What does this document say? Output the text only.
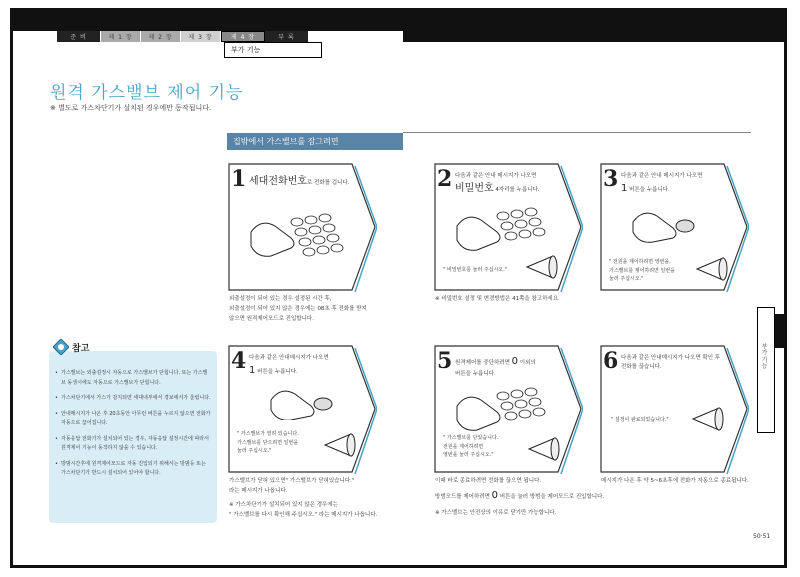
준 비	제 1 장	제 2 장	제 3 장	제 4 장	부 록
부가 기능
원격 가스밸브 제어 기능
※ 별도로 가스차단기가 설치된 경우에만 동작됩니다.
집밖에서 가스밸브를 잠그려면
1 세대전화번호로 전화를 겁니다.
외출설정이 되어 있는 경우 설정된 시간 후,
외출설정이 되어 있지 않은 경우에는 08초 후 전화를 받지
않으면 원격제어모드로 진입합니다.
2 다음과 같은 안내 메시지가 나오면
비밀번호 4자리를 누릅니다.
" 비밀번호를 눌러 주십시오."
※ 비밀번호 설정 및 변경방법은 41쪽을 참고하세요.
3 다음과 같은 안내 메시지가 나오면
1 버튼을 누릅니다.
" 전원을 제어하려면 영번을,
가스밸브를 제어하려면 일번을
눌러 주십시오."
참고
• 가스밸브는 외출설정시 자동으로 가스밸브가 닫힙니다. 또는 가스밸브 동생시에도 자동으로 가스밸브가 닫힙니다.
• 가스차단기에서 가스가 감지되면 세대내부에서 경보에서가 울립니다.
• 안내메시지가 나온 후 20초동안 아무런 버튼을 누르지 않으면 전화가 자동으로 끊어집니다.
• 자동응답 전화기가 설치되어 있는 경우, 자동응답 설정시간에 따라서 원격제어 기능이 동작하지 않을 수 있습니다.
• 방범시간후에 원격제어모드로 자동 진입되기 위해서는 방범등 또는 가스차단기가 반드시 설치되어 있어야 합니다.
4 다음과 같은 안내메시지가 나오면
1 버튼을 누릅니다.
" 가스밸브가 열려 있습니다.
가스밸브를 닫으려면 일번을
눌러 주십시오."
가스밸브가 닫혀 있으면" 가스밸브가 닫혀있습니다."
라는 메시지가 나옵니다.
※ 가스차단기가 설치되어 있지 않은 경우에는
" 가스밸브를 다시 확인해 주십시오." 라는 메시지가 나옵니다.
5 원격제어를 중단하려면 0 이외의
버튼을 누릅니다.
" 가스밸브를 닫았습니다.
전원을 제어하려면
영번을 눌러 주십시오."
이때 바로 종료하려면 전화를 끊으면 됩니다.
방범모드를 제어하려면 0 버튼을 눌러 방범을 제어모드로 진입합니다.
※ 가스밸브는 안전상의 이유로 닫기만 가능합니다.
6 다음과 같은 안내메시지가 나오면 확인 후
전화를 끊습니다.
" 설정이 완료되었습니다."
메시지가 나온 후 약 5~6초후에 전화가 자동으로 종료됩니다.
부가 기능
50·51
